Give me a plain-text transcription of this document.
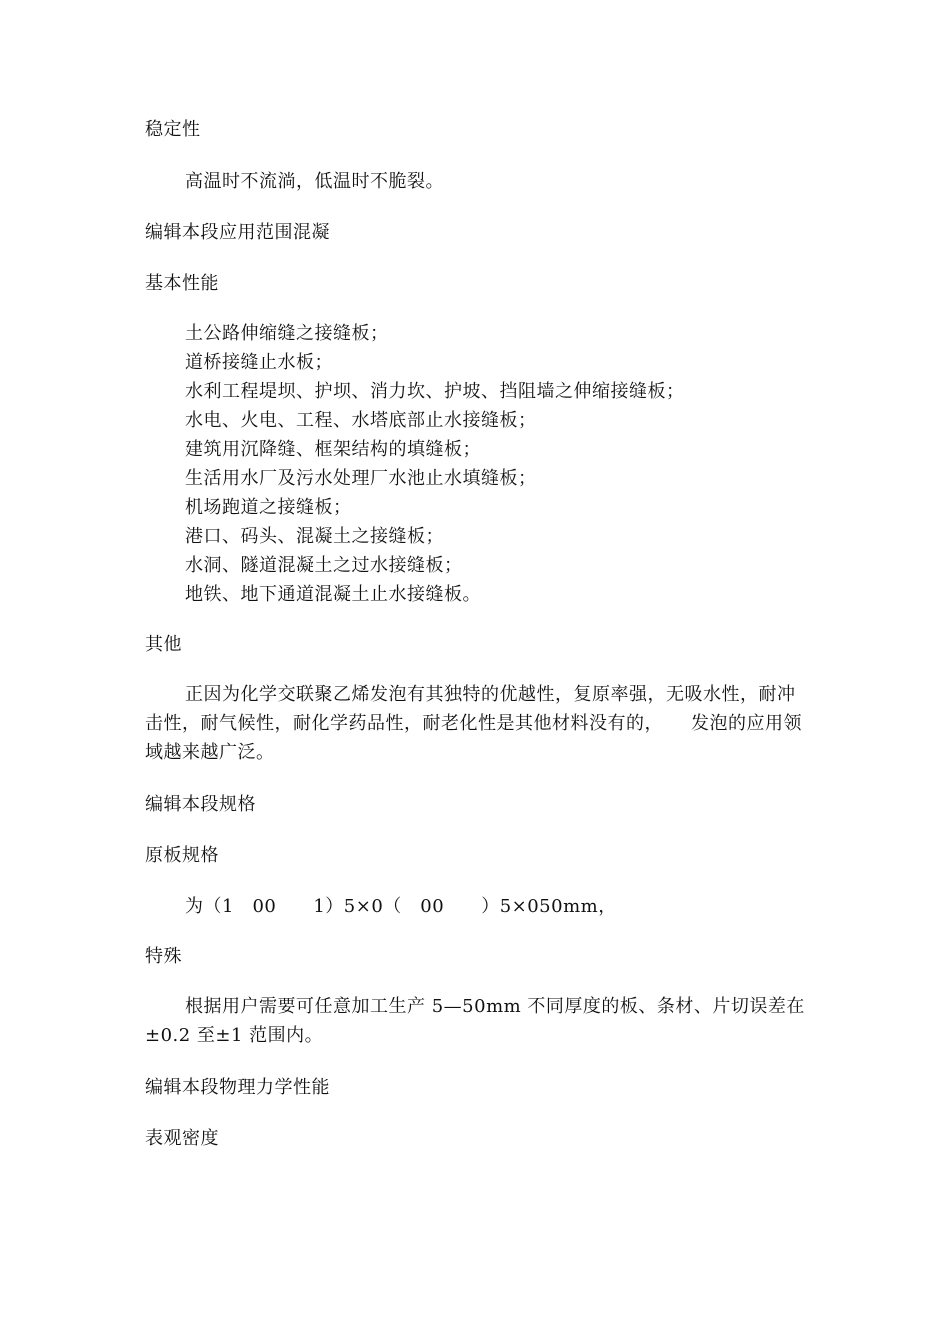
稳定性
高温时不流淌，低温时不脆裂。
编辑本段应用范围混凝
基本性能
土公路伸缩缝之接缝板；
道桥接缝止水板；
水利工程堤坝、护坝、消力坎、护坡、挡阻墙之伸缩接缝板；
水电、火电、工程、水塔底部止水接缝板；
建筑用沉降缝、框架结构的填缝板；
生活用水厂及污水处理厂水池止水填缝板；
机场跑道之接缝板；
港口、码头、混凝土之接缝板；
水洞、隧道混凝土之过水接缝板；
地铁、地下通道混凝土止水接缝板。
其他

正因为化学交联聚乙烯发泡有其独特的优越性，复原率强，无吸水性，耐冲击性，耐气候性，耐化学药品性，耐老化性是其他材料没有的，　　发泡的应用领域越来越广泛。

编辑本段规格
原板规格
为（1　00　　1）5×0（　00　　）5×050mm，
特殊

根据用户需要可任意加工生产 5—50mm 不同厚度的板、条材、片切误差在±0.2 至±1 范围内。

编辑本段物理力学性能
表观密度
